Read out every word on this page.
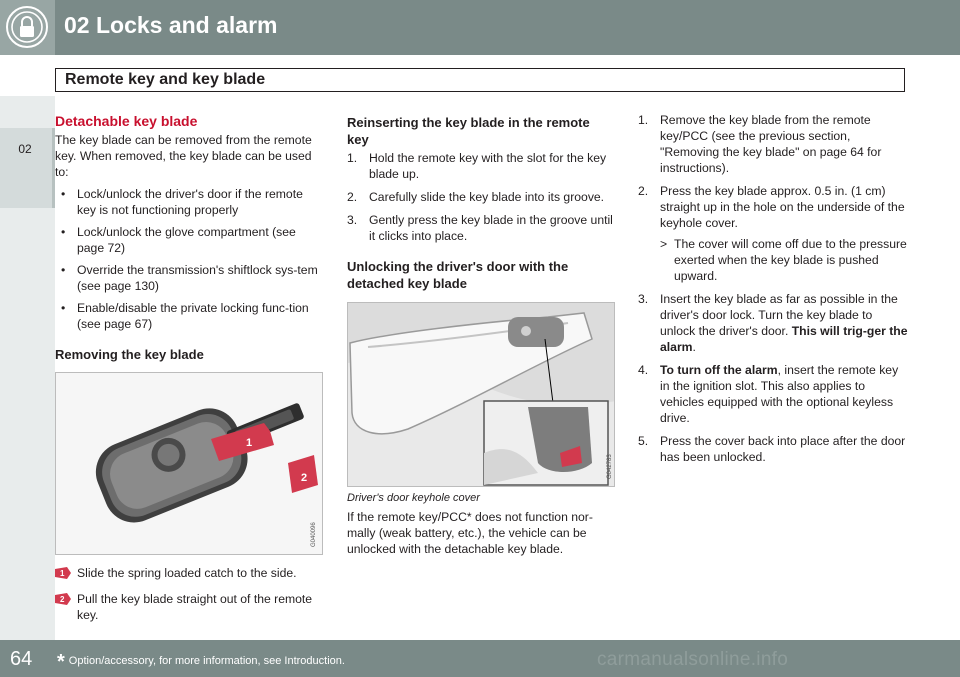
02 Locks and alarm
Remote key and key blade
02
Detachable key blade

The key blade can be removed from the remote key. When removed, the key blade can be used to:

• Lock/unlock the driver's door if the remote key is not functioning properly
• Lock/unlock the glove compartment (see page 72)
• Override the transmission's shiftlock sys-tem (see page 130)
• Enable/disable the private locking func-tion (see page 67)
Removing the key blade
1
2
G040096
1 Slide the spring loaded catch to the side.
2 Pull the key blade straight out of the remote key.
Reinserting the key blade in the remote key
1. Hold the remote key with the slot for the key blade up.
2. Carefully slide the key blade into its groove.
3. Gently press the key blade in the groove until it clicks into place.
Unlocking the driver's door with the detached key blade
G042783
Driver's door keyhole cover

If the remote key/PCC* does not function nor-mally (weak battery, etc.), the vehicle can be unlocked with the detachable key blade.

1. Remove the key blade from the remote key/PCC (see the previous section, "Removing the key blade" on page 64 for instructions).
2. Press the key blade approx. 0.5 in. (1 cm) straight up in the hole on the underside of the keyhole cover.
> The cover will come off due to the pressure exerted when the key blade is pushed upward.
3. Insert the key blade as far as possible in the driver's door lock. Turn the key blade to unlock the driver's door. This will trig-ger the alarm.
4. To turn off the alarm, insert the remote key in the ignition slot. This also applies to vehicles equipped with the optional keyless drive.
5. Press the cover back into place after the door has been unlocked.
64 * Option/accessory, for more information, see Introduction.	carmanualsonline.info
